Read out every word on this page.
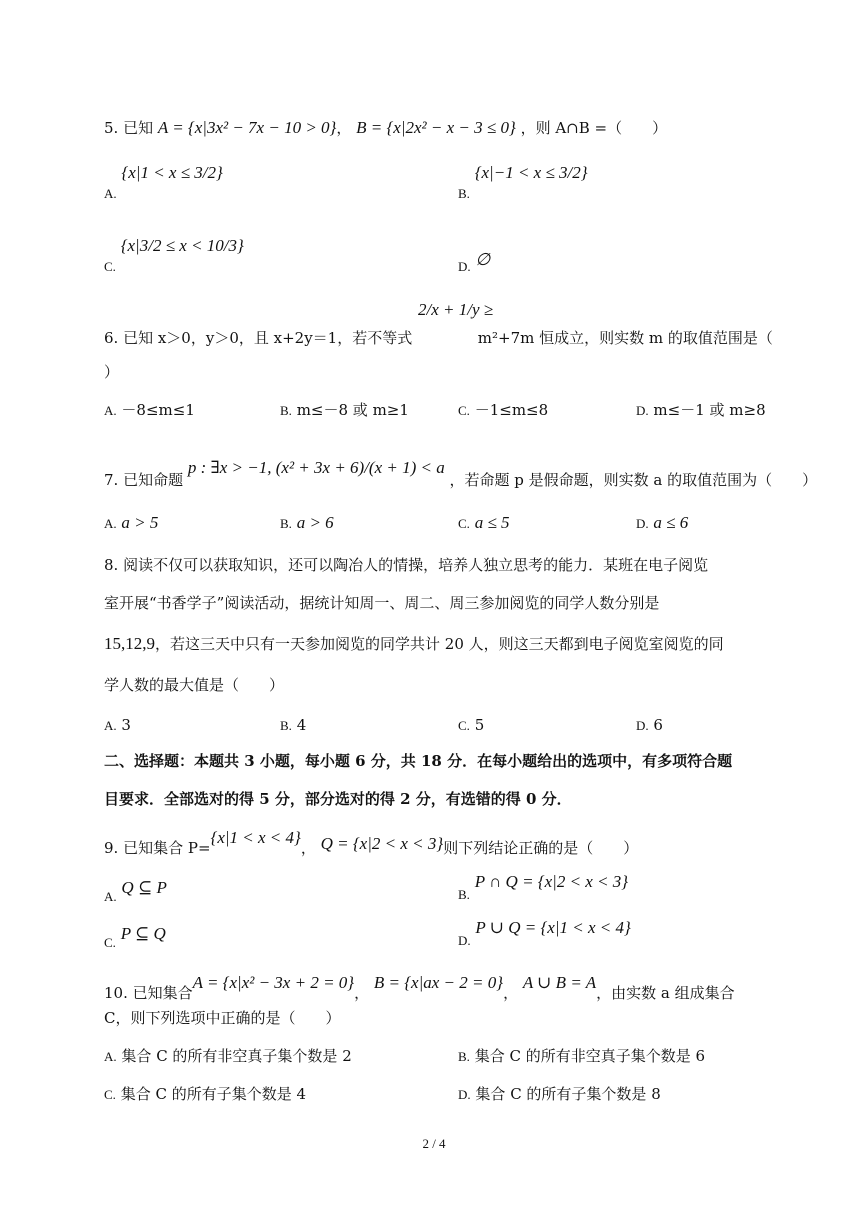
5. 已知 A = {x|3x² − 7x − 10 > 0}， B = {x|2x² − x − 3 ≤ 0} ，则 A∩B =（　　）
A. {x|1 < x ≤ 3/2}
B. {x|−1 < x ≤ 3/2}
C. {x|3/2 ≤ x < 10/3}
D. ∅
2/x + 1/y ≥
6. 已知 x＞0，y＞0，且 x+2y＝1，若不等式	m²+7m 恒成立，则实数 m 的取值范围是（
）
A. －8≤m≤1	B. m≤－8 或 m≥1	C. －1≤m≤8	D. m≤－1 或 m≥8
7. 已知命题 p : ∃x > −1, (x² + 3x + 6)/(x + 1) < a ，若命题 p 是假命题，则实数 a 的取值范围为（　　）
A. a > 5	B. a > 6	C. a ≤ 5	D. a ≤ 6
8. 阅读不仅可以获取知识，还可以陶冶人的情操，培养人独立思考的能力．某班在电子阅览
室开展“书香学子”阅读活动，据统计知周一、周二、周三参加阅览的同学人数分别是
15,12,9，若这三天中只有一天参加阅览的同学共计 20 人，则这三天都到电子阅览室阅览的同
学人数的最大值是（　　）
A. 3	B. 4	C. 5	D. 6
二、选择题：本题共 3 小题，每小题 6 分，共 18 分．在每小题给出的选项中，有多项符合题
目要求．全部选对的得 5 分，部分选对的得 2 分，有选错的得 0 分．
9. 已知集合 P={x|1 < x < 4}， Q = {x|2 < x < 3}则下列结论正确的是（　　）
A. Q ⊆ P	B. P ∩ Q = {x|2 < x < 3}
C. P ⊆ Q	D. P ∪ Q = {x|1 < x < 4}
10. 已知集合A = {x|x² − 3x + 2 = 0}， B = {x|ax − 2 = 0}， A ∪ B = A，由实数 a 组成集合
C，则下列选项中正确的是（　　）
A. 集合 C 的所有非空真子集个数是 2	B. 集合 C 的所有非空真子集个数是 6
C. 集合 C 的所有子集个数是 4	D. 集合 C 的所有子集个数是 8
2 / 4
